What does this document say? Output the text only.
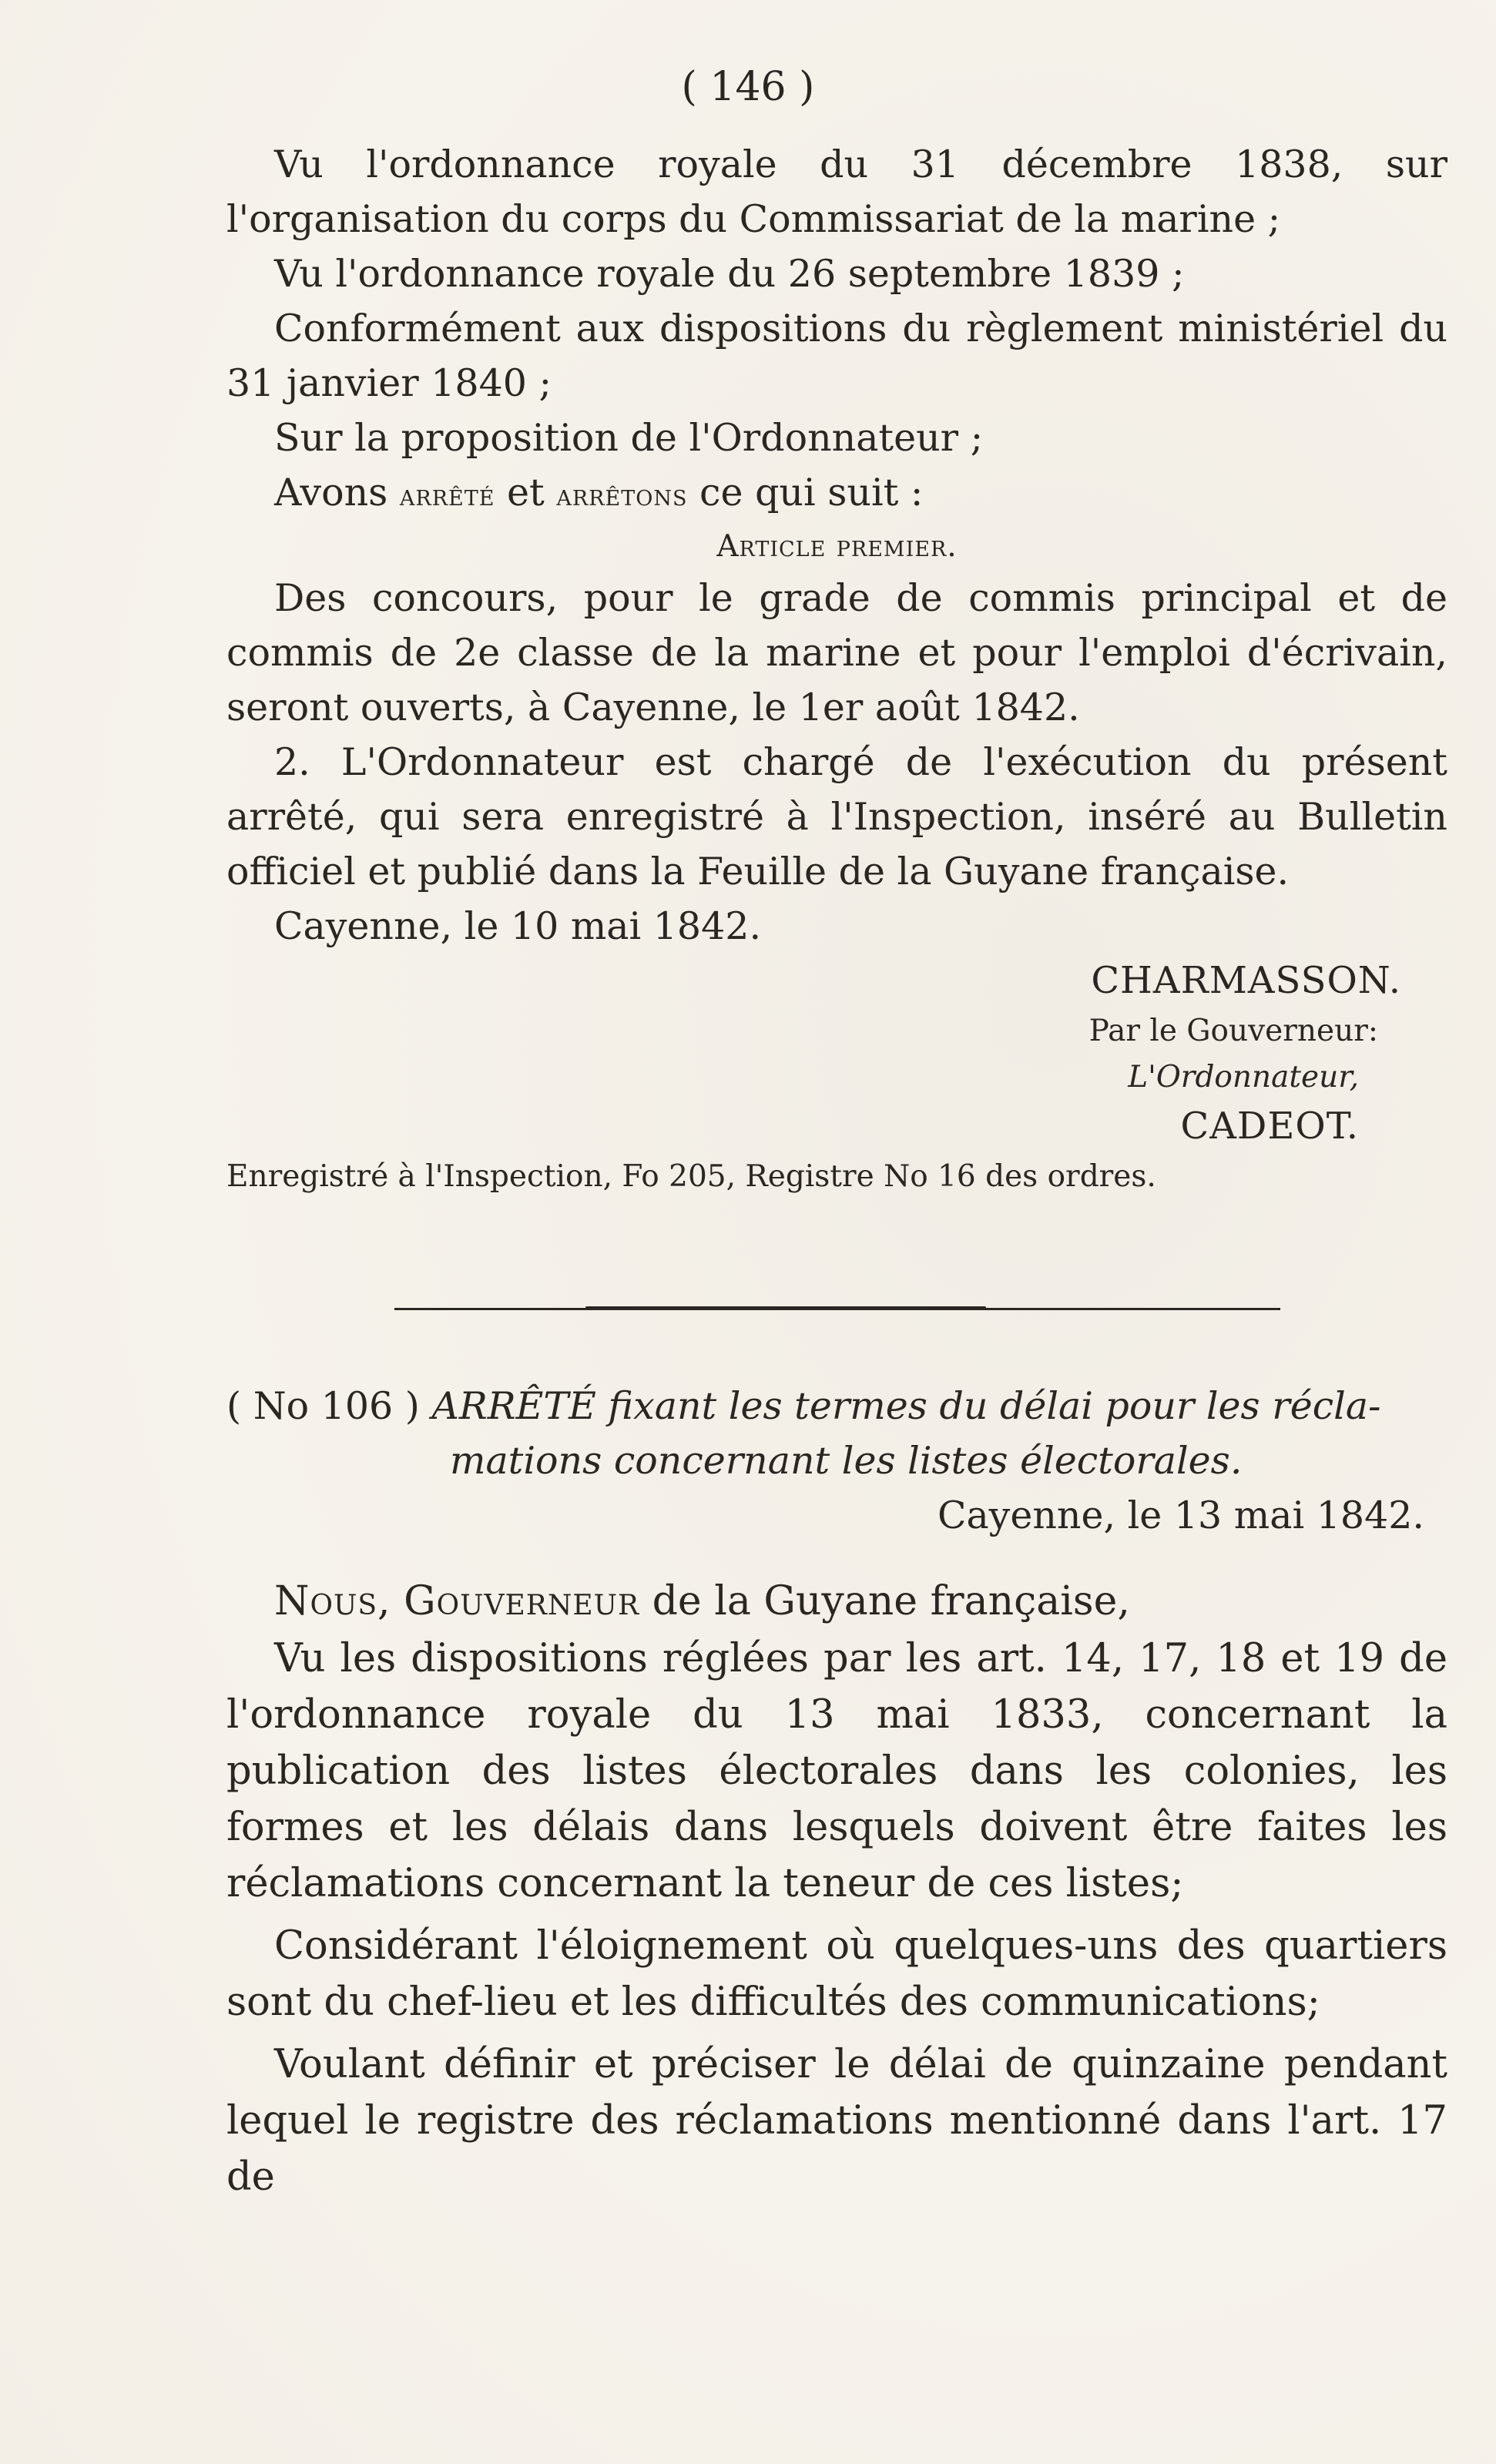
( 146 )

Vu l'ordonnance royale du 31 décembre 1838, sur l'organisation du corps du Commissariat de la marine ;

Vu l'ordonnance royale du 26 septembre 1839 ;

Conformément aux dispositions du règlement ministériel du 31 janvier 1840 ;

Sur la proposition de l'Ordonnateur ;

Avons arrêté et arrêtons ce qui suit :

Article premier.

Des concours, pour le grade de commis principal et de commis de 2e classe de la marine et pour l'emploi d'écrivain, seront ouverts, à Cayenne, le 1er août 1842.

2. L'Ordonnateur est chargé de l'exécution du présent arrêté, qui sera enregistré à l'Inspection, inséré au Bulletin officiel et publié dans la Feuille de la Guyane française.

Cayenne, le 10 mai 1842.

CHARMASSON.

Par le Gouverneur:

L'Ordonnateur,

CADEOT.

Enregistré à l'Inspection, Fo 205, Registre No 16 des ordres.

( No 106 ) ARRÊTÉ fixant les termes du délai pour les récla-
mations concernant les listes électorales.

Cayenne, le 13 mai 1842.

Nous, Gouverneur de la Guyane française,

Vu les dispositions réglées par les art. 14, 17, 18 et 19 de l'ordonnance royale du 13 mai 1833, concernant la publication des listes électorales dans les colonies, les formes et les délais dans lesquels doivent être faites les réclamations concernant la teneur de ces listes;

Considérant l'éloignement où quelques-uns des quartiers sont du chef-lieu et les difficultés des communications;

Voulant définir et préciser le délai de quinzaine pendant lequel le registre des réclamations mentionné dans l'art. 17 de
